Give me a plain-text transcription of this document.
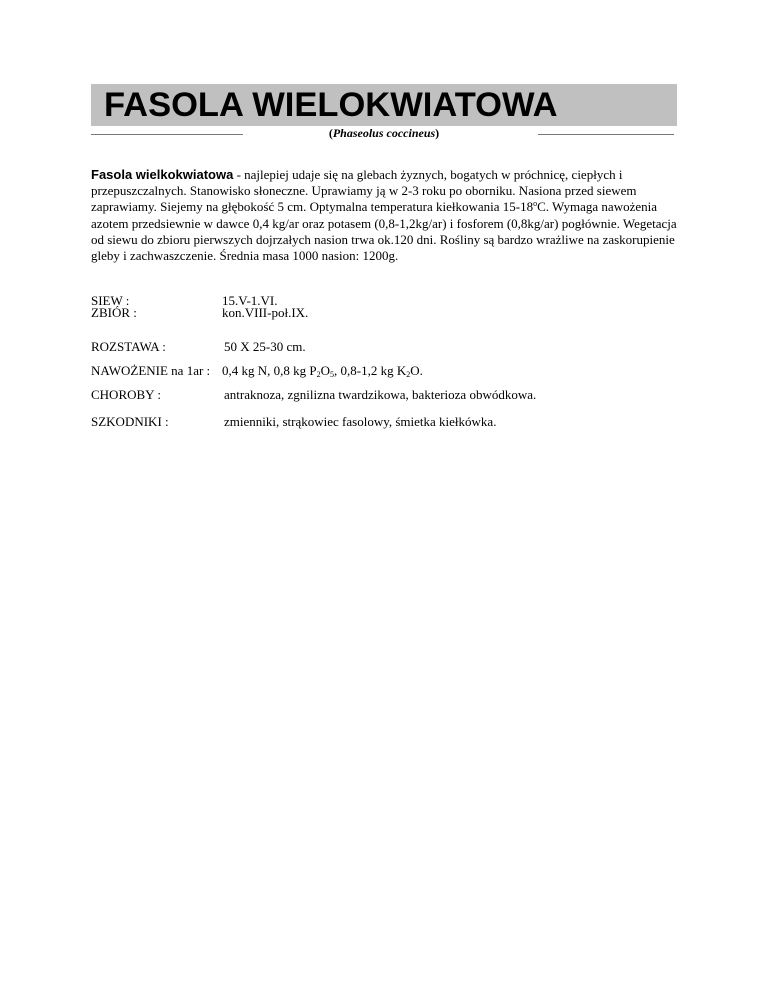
FASOLA WIELOKWIATOWA
(Phaseolus coccineus)
Fasola wielkokwiatowa - najlepiej udaje się na glebach żyznych, bogatych w próchnicę, ciepłych i przepuszczalnych. Stanowisko słoneczne. Uprawiamy ją w 2-3 roku po oborniku. Nasiona przed siewem zaprawiamy. Siejemy na głębokość 5 cm. Optymalna temperatura kiełkowania 15-18$^o$C. Wymaga nawożenia azotem przedsiewnie w dawce 0,4 kg/ar oraz potasem (0,8-1,2kg/ar) i fosforem (0,8kg/ar) pogłównie. Wegetacja od siewu do zbioru pierwszych dojrzałych nasion trwa ok.120 dni. Rośliny są bardzo wrażliwe na zaskorupienie gleby i zachwaszczenie. Średnia masa 1000 nasion: 1200g.
SIEW :	15.V-1.VI.
ZBIÓR :	kon.VIII-poł.IX.
ROZSTAWA :	50 X 25-30 cm.
NAWOŻENIE na 1ar : 0,4 kg N, 0,8 kg $P_2O_5$, 0,8-1,2 kg $K_2O$.
CHOROBY :	antraknoza, zgnilizna twardzikowa, bakterioza obwódkowa.
SZKODNIKI :	zmienniki, strąkowiec fasolowy, śmietka kiełkówka.
